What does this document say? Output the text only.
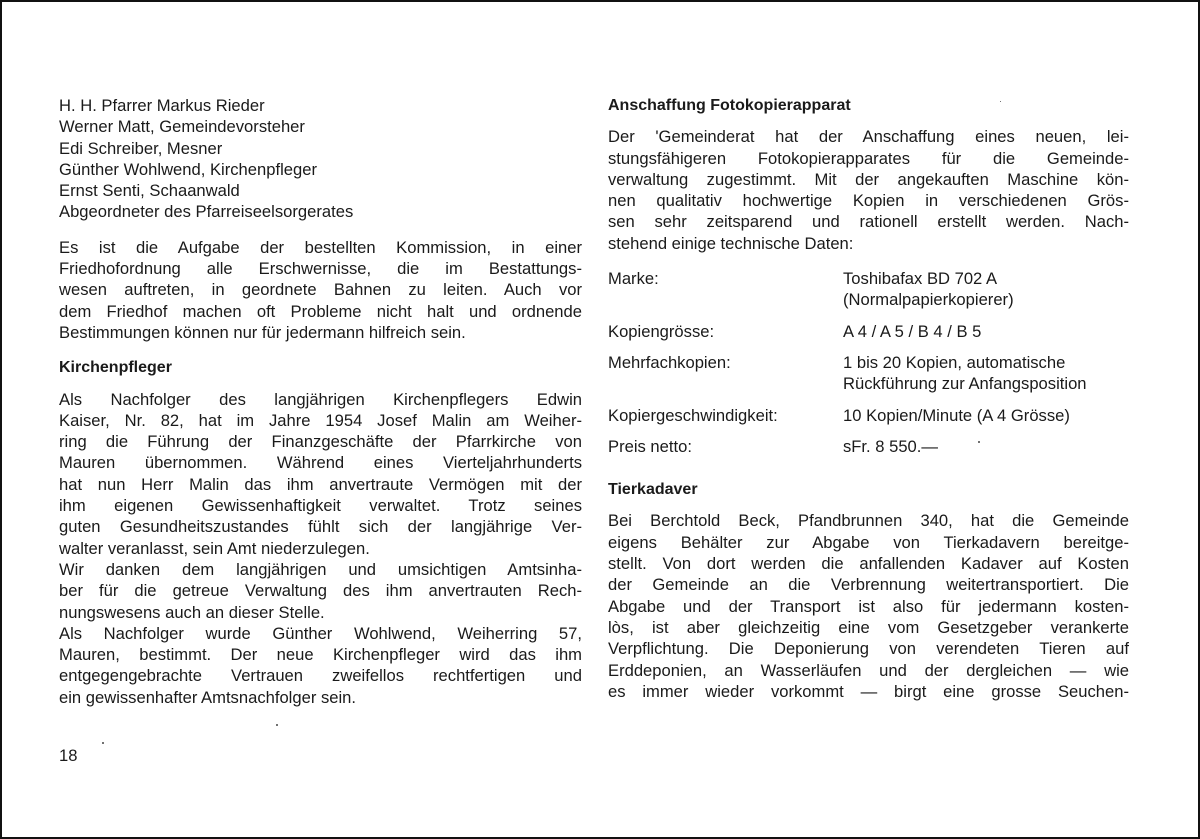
H. H. Pfarrer Markus Rieder
Werner Matt, Gemeindevorsteher
Edi Schreiber, Mesner
Günther Wohlwend, Kirchenpfleger
Ernst Senti, Schaanwald
Abgeordneter des Pfarreiseelsorgerates
Es ist die Aufgabe der bestellten Kommission, in einer
Friedhofordnung alle Erschwernisse, die im Bestattungs-
wesen auftreten, in geordnete Bahnen zu leiten. Auch vor
dem Friedhof machen oft Probleme nicht halt und ordnende
Bestimmungen können nur für jedermann hilfreich sein.
Kirchenpfleger
Als Nachfolger des langjährigen Kirchenpflegers Edwin
Kaiser, Nr. 82, hat im Jahre 1954 Josef Malin am Weiher-
ring die Führung der Finanzgeschäfte der Pfarrkirche von
Mauren übernommen. Während eines Vierteljahrhunderts
hat nun Herr Malin das ihm anvertraute Vermögen mit der
ihm eigenen Gewissenhaftigkeit verwaltet. Trotz seines
guten Gesundheitszustandes fühlt sich der langjährige Ver-
walter veranlasst, sein Amt niederzulegen.
Wir danken dem langjährigen und umsichtigen Amtsinha-
ber für die getreue Verwaltung des ihm anvertrauten Rech-
nungswesens auch an dieser Stelle.
Als Nachfolger wurde Günther Wohlwend, Weiherring 57,
Mauren, bestimmt. Der neue Kirchenpfleger wird das ihm
entgegengebrachte Vertrauen zweifellos rechtfertigen und
ein gewissenhafter Amtsnachfolger sein.
Anschaffung Fotokopierapparat
Der 'Gemeinderat hat der Anschaffung eines neuen, lei-
stungsfähigeren Fotokopierapparates für die Gemeinde-
verwaltung zugestimmt. Mit der angekauften Maschine kön-
nen qualitativ hochwertige Kopien in verschiedenen Grös-
sen sehr zeitsparend und rationell erstellt werden. Nach-
stehend einige technische Daten:
Marke:	Toshibafax BD 702 A
(Normalpapierkopierer)
Kopiengrösse:	A 4 / A 5 / B 4 / B 5
Mehrfachkopien:	1 bis 20 Kopien, automatische
Rückführung zur Anfangsposition
Kopiergeschwindigkeit:	10 Kopien/Minute (A 4 Grösse)
Preis netto:	sFr. 8 550.—
Tierkadaver
Bei Berchtold Beck, Pfandbrunnen 340, hat die Gemeinde
eigens Behälter zur Abgabe von Tierkadavern bereitge-
stellt. Von dort werden die anfallenden Kadaver auf Kosten
der Gemeinde an die Verbrennung weitertransportiert. Die
Abgabe und der Transport ist also für jedermann kosten-
lòs, ist aber gleichzeitig eine vom Gesetzgeber verankerte
Verpflichtung. Die Deponierung von verendeten Tieren auf
Erddeponien, an Wasserläufen und der dergleichen — wie
es immer wieder vorkommt — birgt eine grosse Seuchen-
18
